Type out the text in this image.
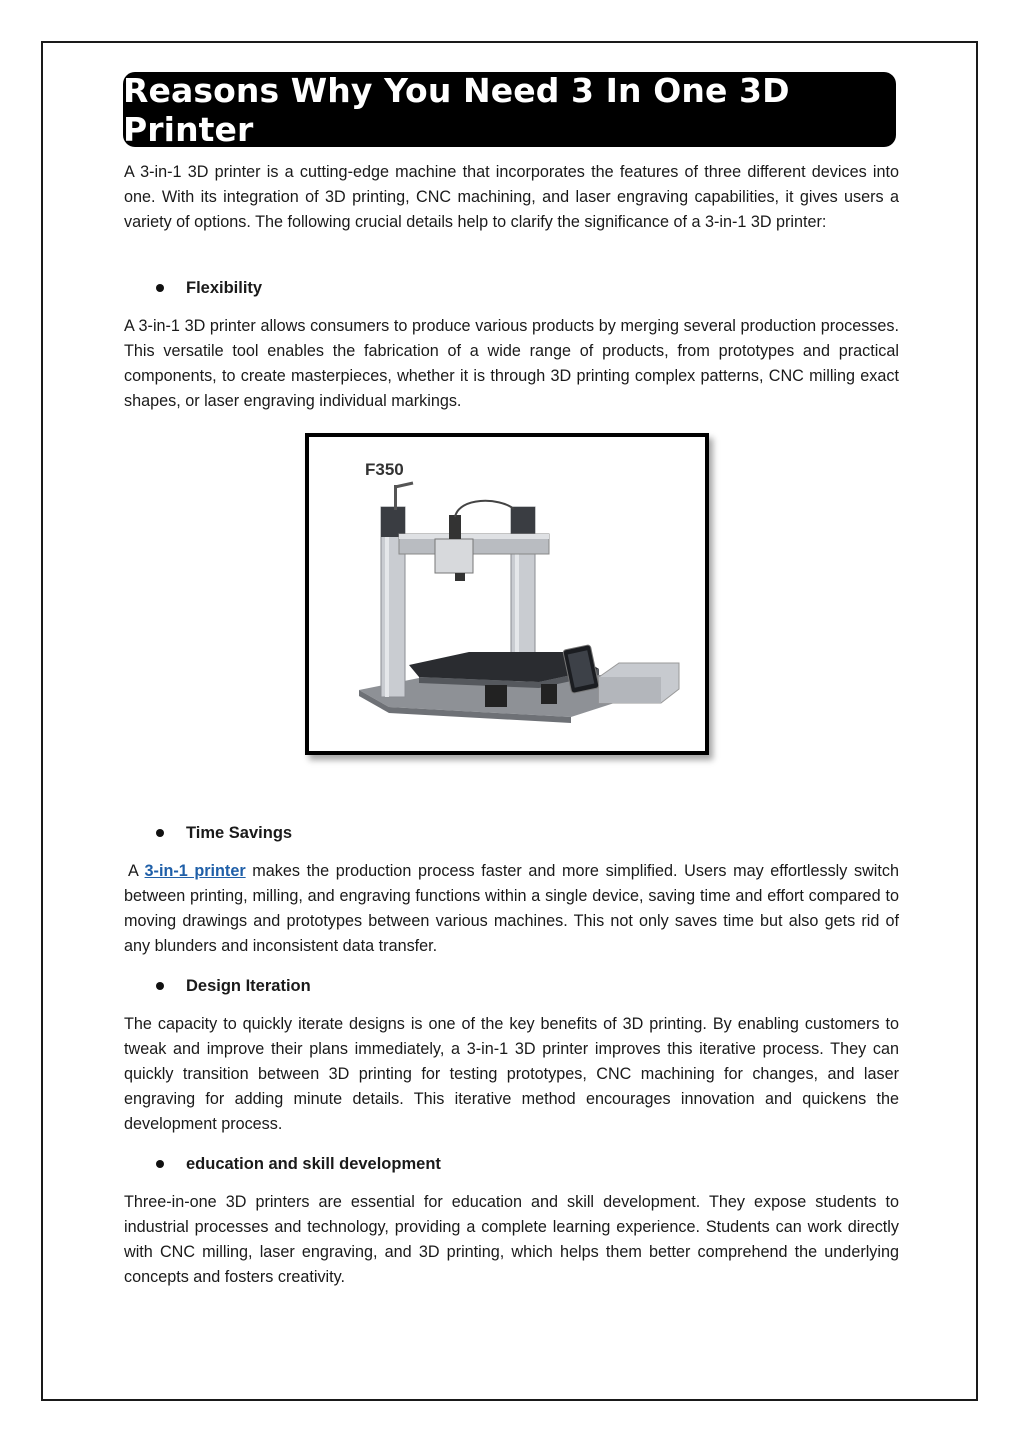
Reasons Why You Need 3 In One 3D Printer

A 3-in-1 3D printer is a cutting-edge machine that incorporates the features of three different devices into one. With its integration of 3D printing, CNC machining, and laser engraving capabilities, it gives users a variety of options. The following crucial details help to clarify the significance of a 3-in-1 3D printer:

Flexibility

A 3-in-1 3D printer allows consumers to produce various products by merging several production processes. This versatile tool enables the fabrication of a wide range of products, from prototypes and practical components, to create masterpieces, whether it is through 3D printing complex patterns, CNC milling exact shapes, or laser engraving individual markings.

F350
Time Savings

A 3-in-1 printer makes the production process faster and more simplified. Users may effortlessly switch between printing, milling, and engraving functions within a single device, saving time and effort compared to moving drawings and prototypes between various machines. This not only saves time but also gets rid of any blunders and inconsistent data transfer.

Design Iteration

The capacity to quickly iterate designs is one of the key benefits of 3D printing. By enabling customers to tweak and improve their plans immediately, a 3-in-1 3D printer improves this iterative process. They can quickly transition between 3D printing for testing prototypes, CNC machining for changes, and laser engraving for adding minute details. This iterative method encourages innovation and quickens the development process.

education and skill development

Three-in-one 3D printers are essential for education and skill development. They expose students to industrial processes and technology, providing a complete learning experience. Students can work directly with CNC milling, laser engraving, and 3D printing, which helps them better comprehend the underlying concepts and fosters creativity.
